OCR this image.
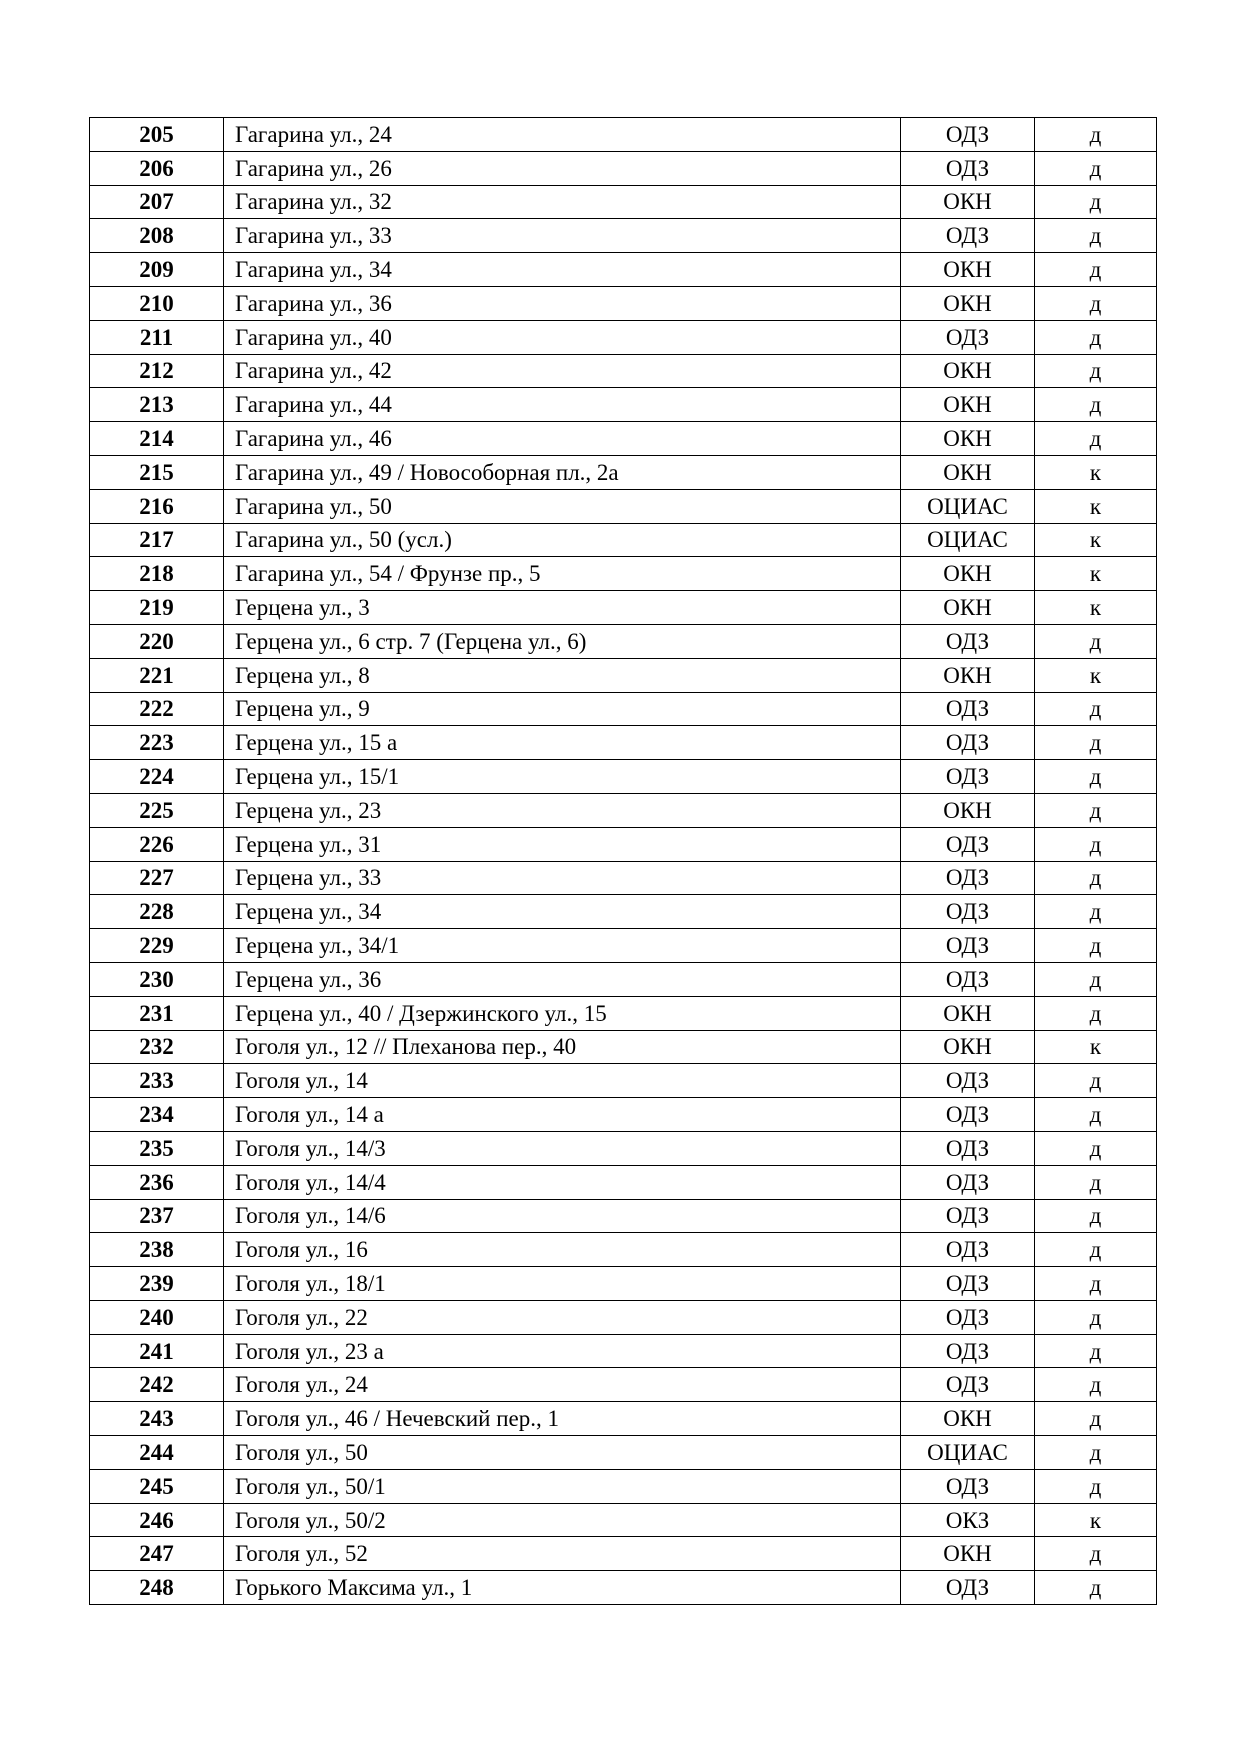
205	Гагарина ул., 24	ОДЗ	д
206	Гагарина ул., 26	ОДЗ	д
207	Гагарина ул., 32	ОКН	д
208	Гагарина ул., 33	ОДЗ	д
209	Гагарина ул., 34	ОКН	д
210	Гагарина ул., 36	ОКН	д
211	Гагарина ул., 40	ОДЗ	д
212	Гагарина ул., 42	ОКН	д
213	Гагарина ул., 44	ОКН	д
214	Гагарина ул., 46	ОКН	д
215	Гагарина ул., 49 / Новособорная пл., 2а	ОКН	к
216	Гагарина ул., 50	ОЦИАС	к
217	Гагарина ул., 50 (усл.)	ОЦИАС	к
218	Гагарина ул., 54 / Фрунзе пр., 5	ОКН	к
219	Герцена ул., 3	ОКН	к
220	Герцена ул., 6 стр. 7 (Герцена ул., 6)	ОДЗ	д
221	Герцена ул., 8	ОКН	к
222	Герцена ул., 9	ОДЗ	д
223	Герцена ул., 15 а	ОДЗ	д
224	Герцена ул., 15/1	ОДЗ	д
225	Герцена ул., 23	ОКН	д
226	Герцена ул., 31	ОДЗ	д
227	Герцена ул., 33	ОДЗ	д
228	Герцена ул., 34	ОДЗ	д
229	Герцена ул., 34/1	ОДЗ	д
230	Герцена ул., 36	ОДЗ	д
231	Герцена ул., 40 / Дзержинского ул., 15	ОКН	д
232	Гоголя ул., 12 // Плеханова пер., 40	ОКН	к
233	Гоголя ул., 14	ОДЗ	д
234	Гоголя ул., 14 а	ОДЗ	д
235	Гоголя ул., 14/3	ОДЗ	д
236	Гоголя ул., 14/4	ОДЗ	д
237	Гоголя ул., 14/6	ОДЗ	д
238	Гоголя ул., 16	ОДЗ	д
239	Гоголя ул., 18/1	ОДЗ	д
240	Гоголя ул., 22	ОДЗ	д
241	Гоголя ул., 23 а	ОДЗ	д
242	Гоголя ул., 24	ОДЗ	д
243	Гоголя ул., 46 / Нечевский пер., 1	ОКН	д
244	Гоголя ул., 50	ОЦИАС	д
245	Гоголя ул., 50/1	ОДЗ	д
246	Гоголя ул., 50/2	ОКЗ	к
247	Гоголя ул., 52	ОКН	д
248	Горького Максима ул., 1	ОДЗ	д
